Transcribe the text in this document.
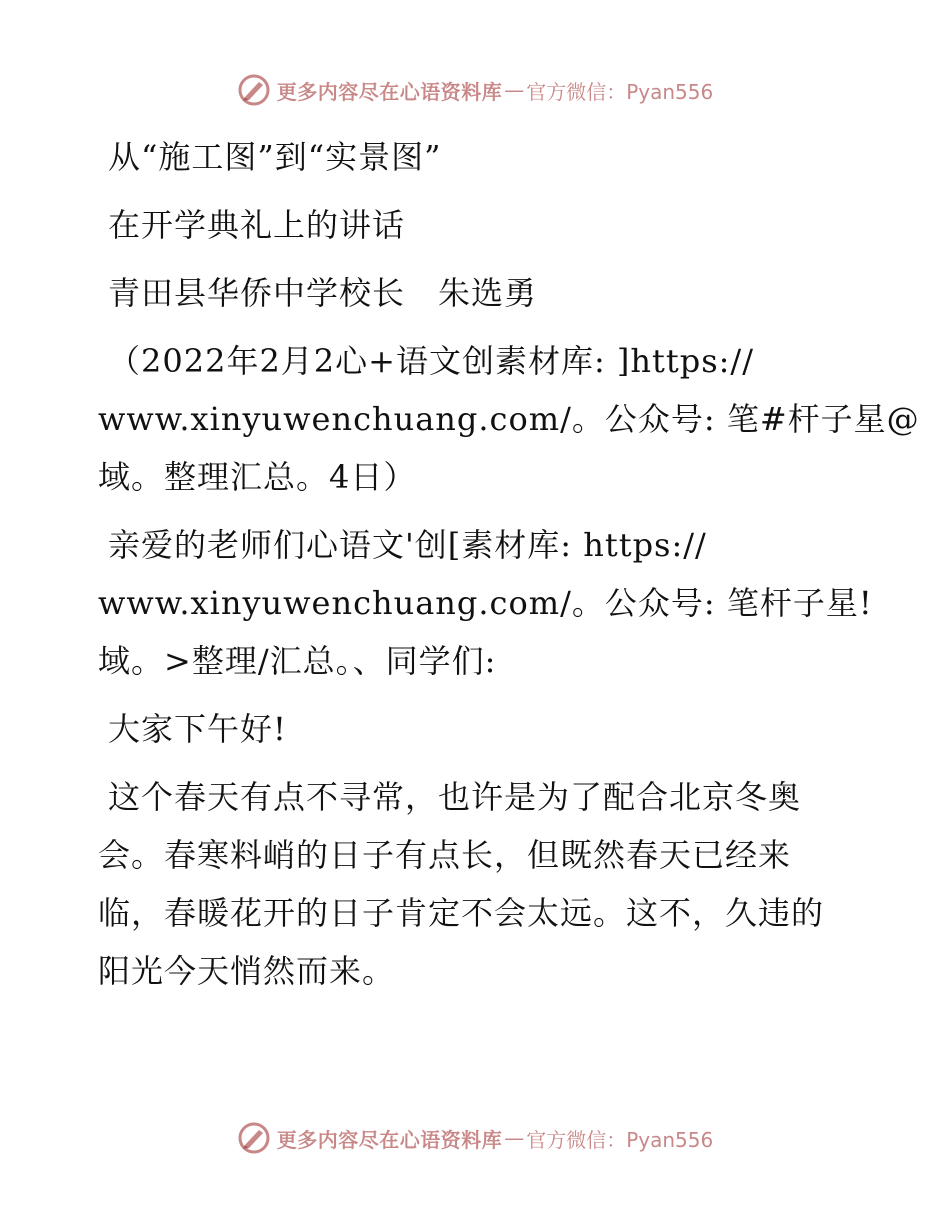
更多内容尽在心语资料库 — 官方微信：Pyan556
从“施工图”到“实景图”
在开学典礼上的讲话
青田县华侨中学校长　朱选勇
（2022年2月2心+语文创素材库: ]https://
www.xinyuwenchuang.com/。公众号: 笔#杆子星@
域。整理汇总。4日）
亲爱的老师们心语文'创[素材库: https://
www.xinyuwenchuang.com/。公众号: 笔杆子星!
域。>整理/汇总。、同学们:
大家下午好!
这个春天有点不寻常，也许是为了配合北京冬奥
会。春寒料峭的日子有点长，但既然春天已经来
临，春暖花开的日子肯定不会太远。这不，久违的
阳光今天悄然而来。
更多内容尽在心语资料库 — 官方微信：Pyan556
